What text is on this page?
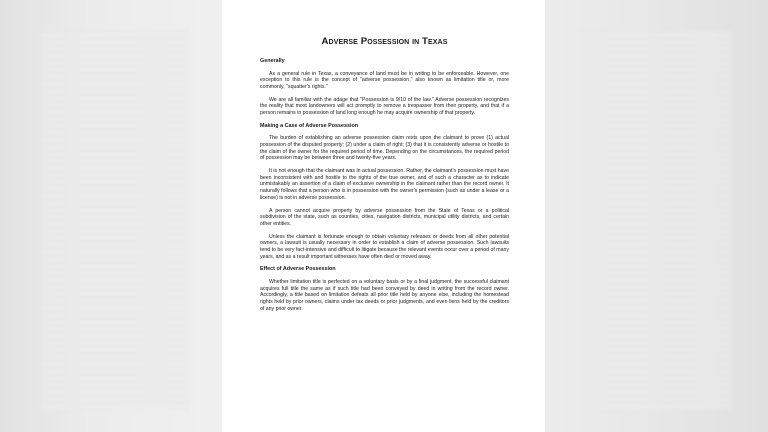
Adverse Possession in Texas
Generally

As a general rule in Texas, a conveyance of land must be in writing to be enforceable. However, one exception to this rule is the concept of "adverse possession," also known as limitation title or, more commonly, "squatter's rights."

We are all familiar with the adage that "Possession is 9/10 of the law." Adverse possession recognizes the reality that most landowners will act promptly to remove a trespasser from their property, and that if a person remains in possession of land long enough he may acquire ownership of that property.

Making a Case of Adverse Possession

The burden of establishing an adverse possession claim rests upon the claimant to prove (1) actual possession of the disputed property; (2) under a claim of right; (3) that it is consistently adverse or hostile to the claim of the owner for the required period of time. Depending on the circumstances, the required period of possession may be between three and twenty-five years.

It is not enough that the claimant was in actual possession. Rather, the claimant's possession must have been inconsistent with and hostile to the rights of the true owner, and of such a character as to indicate unmistakably an assertion of a claim of exclusive ownership in the claimant rather than the record owner. It naturally follows that a person who is in possession with the owner's permission (such as under a lease or a license) is not in adverse possession.

A person cannot acquire property by adverse possession from the State of Texas or a political subdivision of the state, such as counties, cities, navigation districts, municipal utility districts, and certain other entities.

Unless the claimant is fortunate enough to obtain voluntary releases or deeds from all other potential owners, a lawsuit is usually necessary in order to establish a claim of adverse possession. Such lawsuits tend to be very fact-intensive and difficult to litigate because the relevant events occur over a period of many years, and as a result important witnesses have often died or moved away.

Effect of Adverse Possession

Whether limitation title is perfected on a voluntary basis or by a final judgment, the successful claimant acquires full title the same as if such title had been conveyed by deed in writing from the record owner. Accordingly, a title based on limitation defeats all prior title held by anyone else, including the homestead rights held by prior owners, claims under tax deeds or prior judgments, and even liens held by the creditors of any prior owner.
